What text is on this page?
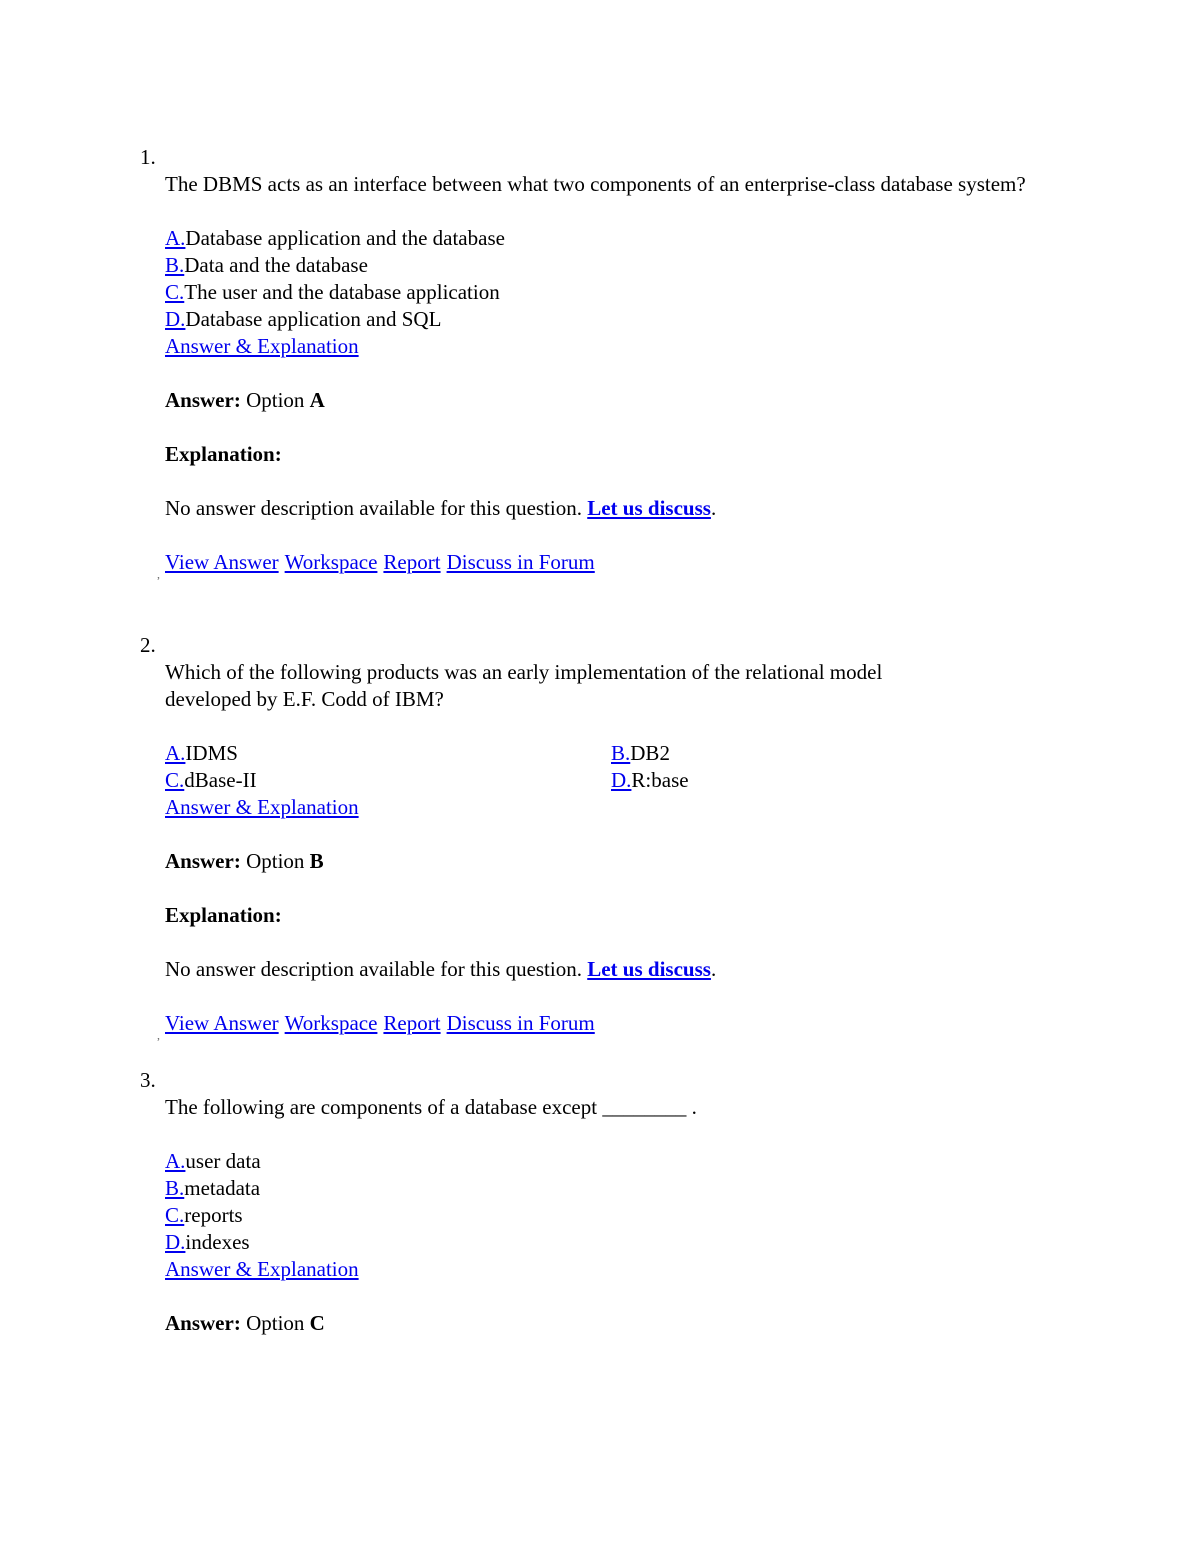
1.

The DBMS acts as an interface between what two components of an enterprise-class database system?

A.Database application and the database
B.Data and the database
C.The user and the database application
D.Database application and SQL
Answer & Explanation
Answer: Option A
Explanation:
No answer description available for this question. Let us discuss.
, View Answer Workspace Report Discuss in Forum
2.
Which of the following products was an early implementation of the relational model
developed by E.F. Codd of IBM?
A.IDMS	B.DB2
C.dBase-II	D.R:base
Answer & Explanation
Answer: Option B
Explanation:
No answer description available for this question. Let us discuss.
, View Answer Workspace Report Discuss in Forum
3.

The following are components of a database except ________ .

A.user data
B.metadata
C.reports
D.indexes
Answer & Explanation
Answer: Option C
